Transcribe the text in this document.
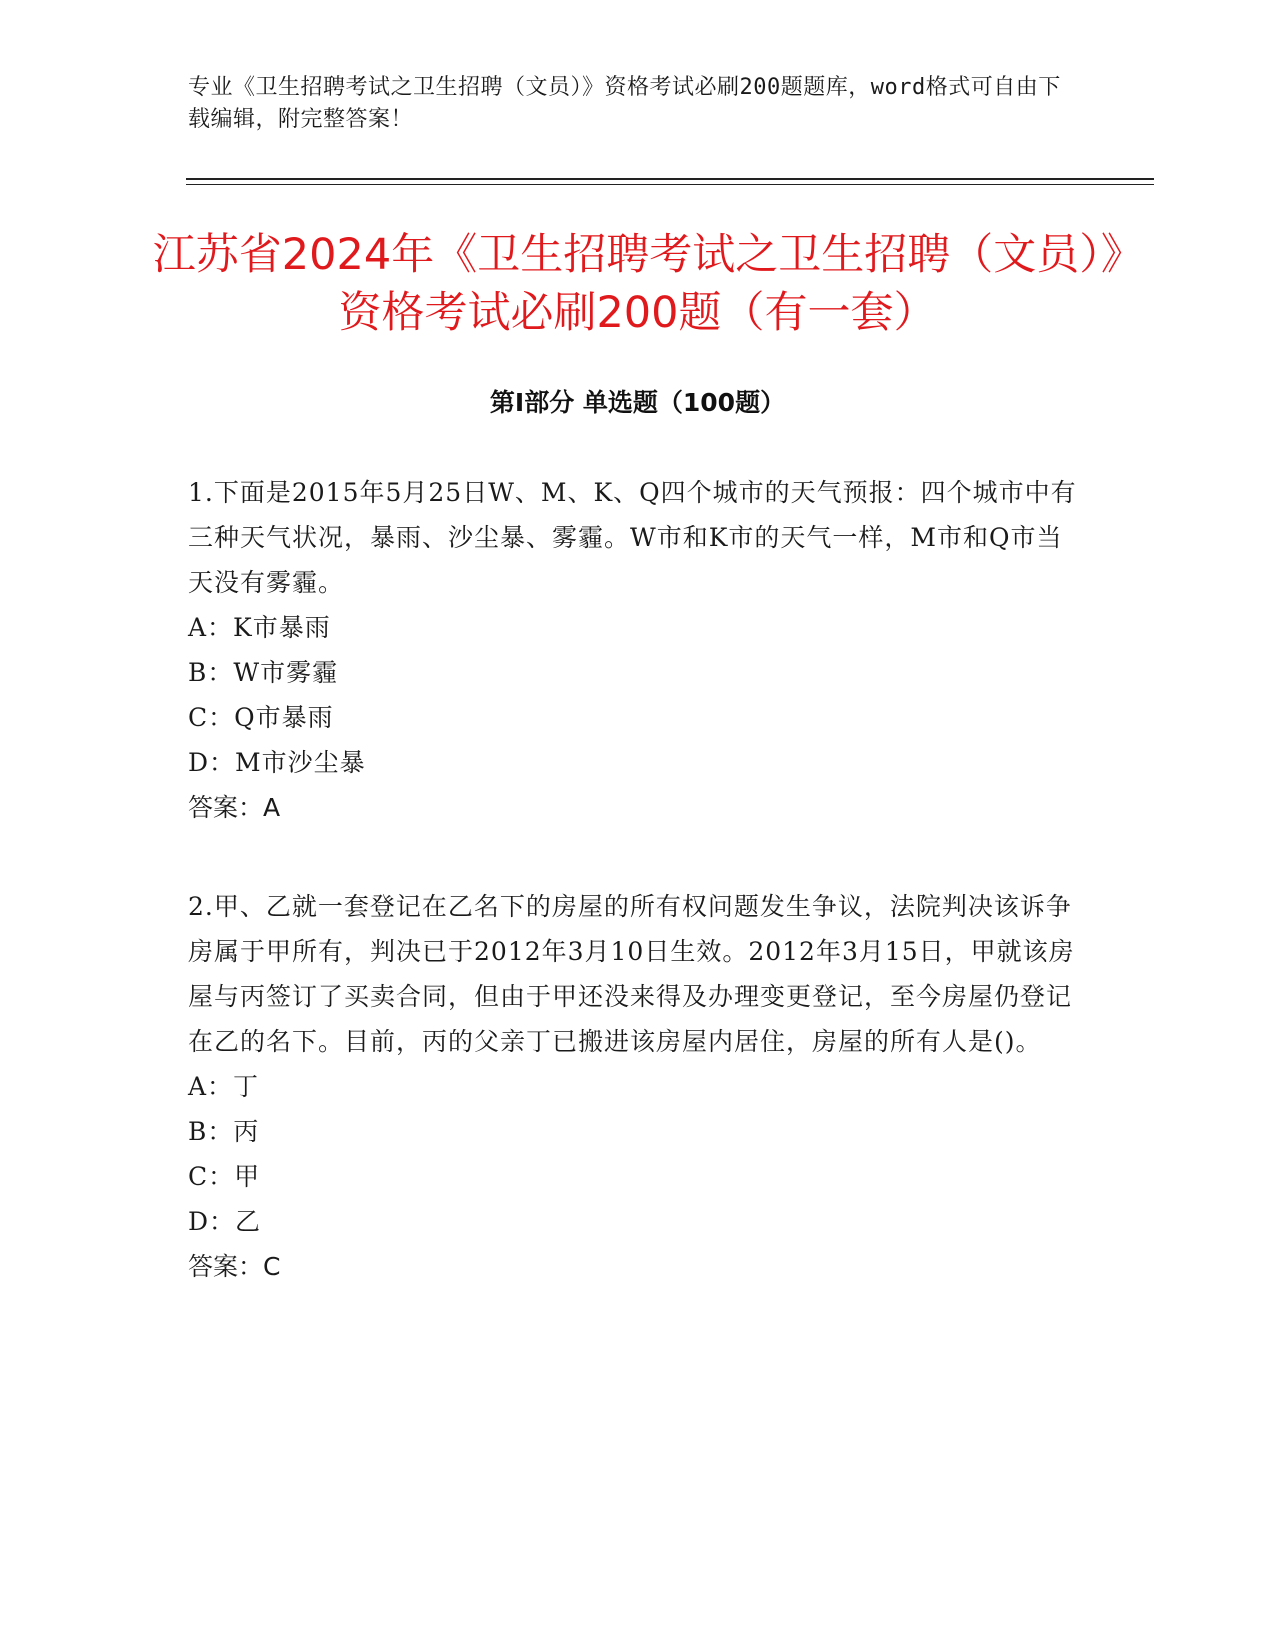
专业《卫生招聘考试之卫生招聘（文员）》资格考试必刷200题题库，word格式可自由下载编辑，附完整答案！
江苏省2024年《卫生招聘考试之卫生招聘（文员）》资格考试必刷200题（有一套）
第Ⅰ部分 单选题（100题）

1.下面是2015年5月25日W、M、K、Q四个城市的天气预报：四个城市中有三种天气状况，暴雨、沙尘暴、雾霾。W市和K市的天气一样，M市和Q市当天没有雾霾。

A：K市暴雨

B：W市雾霾

C：Q市暴雨

D：M市沙尘暴

答案：A

2.甲、乙就一套登记在乙名下的房屋的所有权问题发生争议，法院判决该诉争房属于甲所有，判决已于2012年3月10日生效。2012年3月15日，甲就该房屋与丙签订了买卖合同，但由于甲还没来得及办理变更登记，至今房屋仍登记在乙的名下。目前，丙的父亲丁已搬进该房屋内居住，房屋的所有人是()。

A：丁

B：丙

C：甲

D：乙

答案：C
